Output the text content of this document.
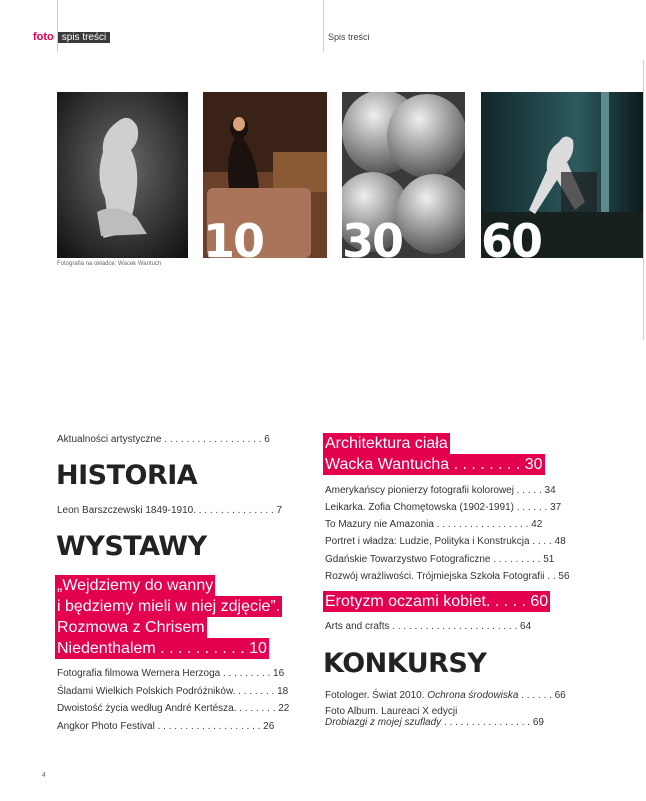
foto spis treści	Spis treści
10 30 60
Fotografia na okładce: Wacek Wantuch
Aktualności artystyczne . . . . . . . . . . . . . . . . . . 6
HISTORIA
Leon Barszczewski 1849-1910. . . . . . . . . . . . . . . 7
WYSTAWY
„Wejdziemy do wanny
i będziemy mieli w niej zdjęcie”.
Rozmowa z Chrisem
Niedenthalem . . . . . . . . . . 10
Fotografia filmowa Wernera Herzoga . . . . . . . . . 16
Śladami Wielkich Polskich Podróżników. . . . . . . . 18
Dwoistość życia według André Kertésza. . . . . . . . 22
Angkor Photo Festival . . . . . . . . . . . . . . . . . . . 26
Architektura ciała
Wacka Wantucha . . . . . . . . 30
Amerykańscy pionierzy fotografii kolorowej . . . . . 34
Leikarka. Zofia Chomętowska (1902-1991) . . . . . . 37
To Mazury nie Amazonia . . . . . . . . . . . . . . . . . 42
Portret i władza: Ludzie, Polityka i Konstrukcja . . . . 48
Gdańskie Towarzystwo Fotograficzne . . . . . . . . . 51
Rozwój wrażliwości. Trójmiejska Szkoła Fotografii . . 56
Erotyzm oczami kobiet. . . . . 60
Arts and crafts . . . . . . . . . . . . . . . . . . . . . . . 64
KONKURSY
Fotologer. Świat 2010. Ochrona środowiska . . . . . . 66
Foto Album. Laureaci X edycji
Drobiazgi z mojej szuflady . . . . . . . . . . . . . . . . 69
4
